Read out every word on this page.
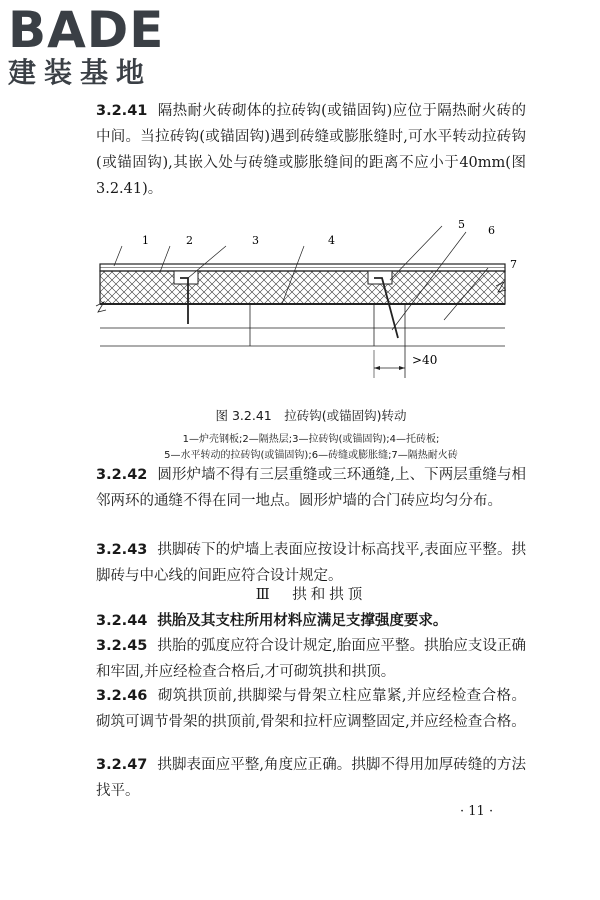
BADE
建装基地
3.2.41 隔热耐火砖砌体的拉砖钩(或锚固钩)应位于隔热耐火砖的中间。当拉砖钩(或锚固钩)遇到砖缝或膨胀缝时,可水平转动拉砖钩(或锚固钩),其嵌入处与砖缝或膨胀缝间的距离不应小于40mm(图 3.2.41)。
>40
1	2	3	4
5 6
7
图 3.2.41　拉砖钩(或锚固钩)转动
1—炉壳钢板;2—隔热层;3—拉砖钩(或锚固钩);4—托砖板;
5—水平转动的拉砖钩(或锚固钩);6—砖缝或膨胀缝;7—隔热耐火砖
3.2.42 圆形炉墙不得有三层重缝或三环通缝,上、下两层重缝与相邻两环的通缝不得在同一地点。圆形炉墙的合门砖应均匀分布。
3.2.43 拱脚砖下的炉墙上表面应按设计标高找平,表面应平整。拱脚砖与中心线的间距应符合设计规定。
Ⅲ　拱和拱顶
3.2.44 拱胎及其支柱所用材料应满足支撑强度要求。
3.2.45 拱胎的弧度应符合设计规定,胎面应平整。拱胎应支设正确和牢固,并应经检查合格后,才可砌筑拱和拱顶。
3.2.46 砌筑拱顶前,拱脚梁与骨架立柱应靠紧,并应经检查合格。砌筑可调节骨架的拱顶前,骨架和拉杆应调整固定,并应经检查合格。
3.2.47 拱脚表面应平整,角度应正确。拱脚不得用加厚砖缝的方法找平。
· 11 ·
